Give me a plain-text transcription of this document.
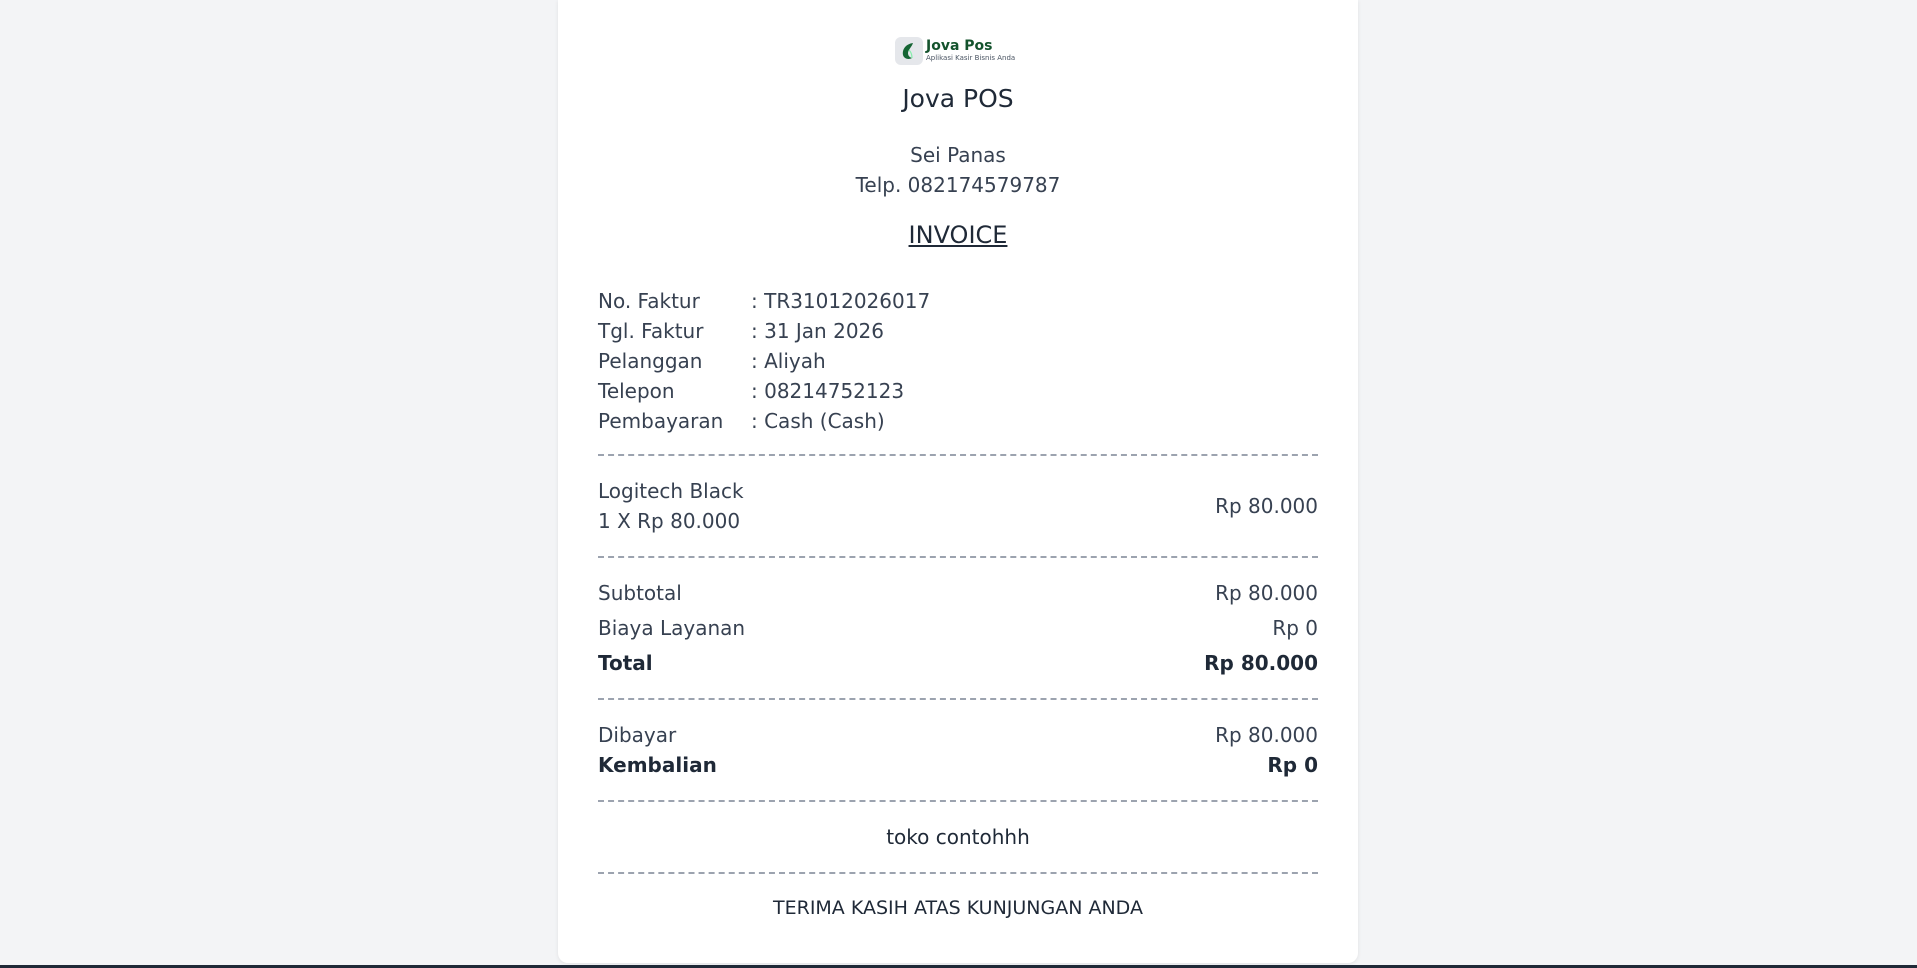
Jova Pos
Aplikasi Kasir Bisnis Anda
Jova POS
Sei Panas
Telp. 082174579787
INVOICE
No. Faktur	: TR31012026017
Tgl. Faktur	: 31 Jan 2026
Pelanggan	: Aliyah
Telepon	: 08214752123
Pembayaran	: Cash (Cash)
Logitech Black
1 X Rp 80.000
Rp 80.000
Subtotal	Rp 80.000
Biaya Layanan	Rp 0
Total	Rp 80.000
Dibayar	Rp 80.000
Kembalian	Rp 0
toko contohhh
TERIMA KASIH ATAS KUNJUNGAN ANDA
